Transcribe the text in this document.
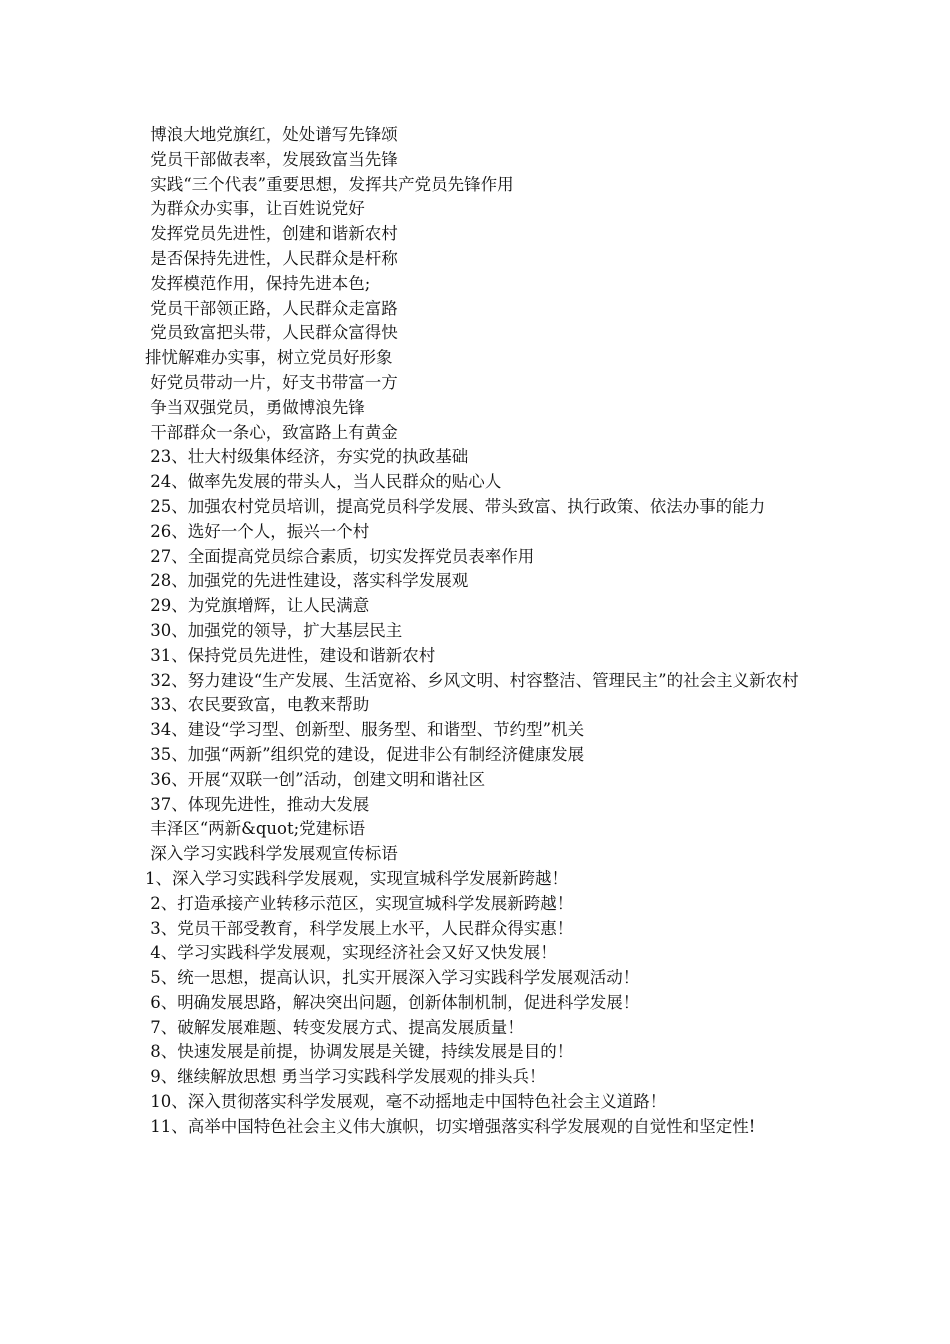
博浪大地党旗红，处处谱写先锋颂

党员干部做表率，发展致富当先锋

实践“三个代表”重要思想，发挥共产党员先锋作用

为群众办实事，让百姓说党好

发挥党员先进性，创建和谐新农村

是否保持先进性，人民群众是杆称

发挥模范作用，保持先进本色;

党员干部领正路，人民群众走富路

党员致富把头带，人民群众富得快

排忧解难办实事，树立党员好形象

好党员带动一片，好支书带富一方

争当双强党员，勇做博浪先锋

干部群众一条心，致富路上有黄金

23、壮大村级集体经济，夯实党的执政基础

24、做率先发展的带头人，当人民群众的贴心人

25、加强农村党员培训，提高党员科学发展、带头致富、执行政策、依法办事的能力

26、选好一个人，振兴一个村

27、全面提高党员综合素质，切实发挥党员表率作用

28、加强党的先进性建设，落实科学发展观

29、为党旗增辉，让人民满意

30、加强党的领导，扩大基层民主

31、保持党员先进性，建设和谐新农村

32、努力建设“生产发展、生活宽裕、乡风文明、村容整洁、管理民主”的社会主义新农村

33、农民要致富，电教来帮助

34、建设“学习型、创新型、服务型、和谐型、节约型”机关

35、加强“两新”组织党的建设，促进非公有制经济健康发展

36、开展“双联一创”活动，创建文明和谐社区

37、体现先进性，推动大发展

丰泽区“两新&quot;党建标语

深入学习实践科学发展观宣传标语

1、深入学习实践科学发展观，实现宣城科学发展新跨越！

2、打造承接产业转移示范区，实现宣城科学发展新跨越！

3、党员干部受教育，科学发展上水平，人民群众得实惠！

4、学习实践科学发展观，实现经济社会又好又快发展！

5、统一思想，提高认识，扎实开展深入学习实践科学发展观活动！

6、明确发展思路，解决突出问题，创新体制机制，促进科学发展！

7、破解发展难题、转变发展方式、提高发展质量！

8、快速发展是前提，协调发展是关键，持续发展是目的！

9、继续解放思想 勇当学习实践科学发展观的排头兵！

10、深入贯彻落实科学发展观，毫不动摇地走中国特色社会主义道路！

11、高举中国特色社会主义伟大旗帜，切实增强落实科学发展观的自觉性和坚定性!
